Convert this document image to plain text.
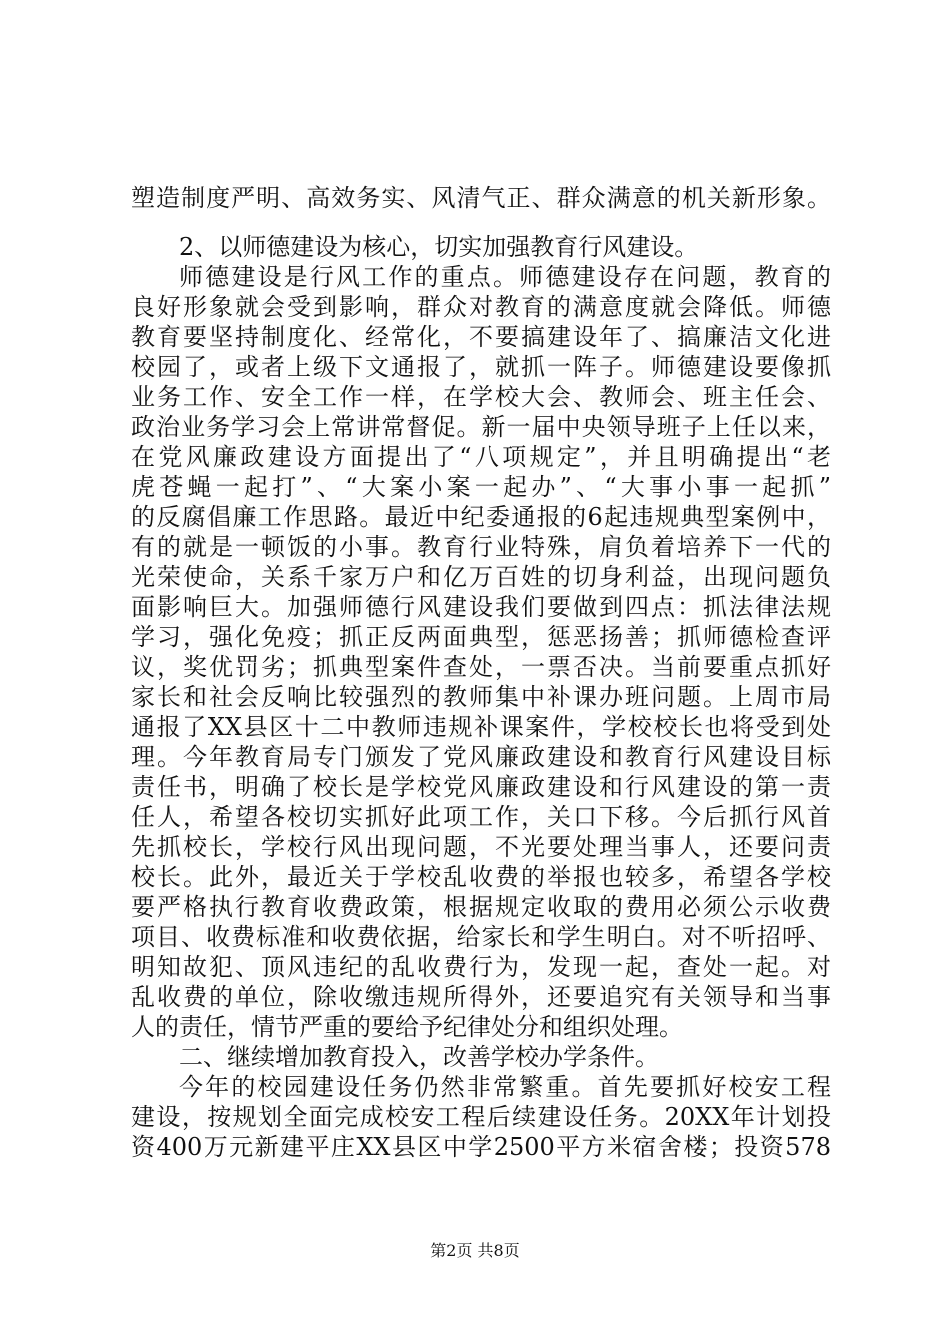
塑造制度严明、高效务实、风清气正、群众满意的机关新形象。
2、以师德建设为核心，切实加强教育行风建设。
师德建设是行风工作的重点。师德建设存在问题，教育的
良好形象就会受到影响，群众对教育的满意度就会降低。师德
教育要坚持制度化、经常化，不要搞建设年了、搞廉洁文化进
校园了，或者上级下文通报了，就抓一阵子。师德建设要像抓
业务工作、安全工作一样，在学校大会、教师会、班主任会、
政治业务学习会上常讲常督促。新一届中央领导班子上任以来，
在党风廉政建设方面提出了“八项规定”，并且明确提出“老
虎苍蝇一起打”、“大案小案一起办”、“大事小事一起抓”
的反腐倡廉工作思路。最近中纪委通报的6起违规典型案例中，
有的就是一顿饭的小事。教育行业特殊，肩负着培养下一代的
光荣使命，关系千家万户和亿万百姓的切身利益，出现问题负
面影响巨大。加强师德行风建设我们要做到四点：抓法律法规
学习，强化免疫；抓正反两面典型，惩恶扬善；抓师德检查评
议，奖优罚劣；抓典型案件查处，一票否决。当前要重点抓好
家长和社会反响比较强烈的教师集中补课办班问题。上周市局
通报了XX县区十二中教师违规补课案件，学校校长也将受到处
理。今年教育局专门颁发了党风廉政建设和教育行风建设目标
责任书，明确了校长是学校党风廉政建设和行风建设的第一责
任人，希望各校切实抓好此项工作，关口下移。今后抓行风首
先抓校长，学校行风出现问题，不光要处理当事人，还要问责
校长。此外，最近关于学校乱收费的举报也较多，希望各学校
要严格执行教育收费政策，根据规定收取的费用必须公示收费
项目、收费标准和收费依据，给家长和学生明白。对不听招呼、
明知故犯、顶风违纪的乱收费行为，发现一起，查处一起。对
乱收费的单位，除收缴违规所得外，还要追究有关领导和当事
人的责任，情节严重的要给予纪律处分和组织处理。
二、继续增加教育投入，改善学校办学条件。
今年的校园建设任务仍然非常繁重。首先要抓好校安工程
建设，按规划全面完成校安工程后续建设任务。20XX年计划投
资400万元新建平庄XX县区中学2500平方米宿舍楼；投资578
第2页 共8页
